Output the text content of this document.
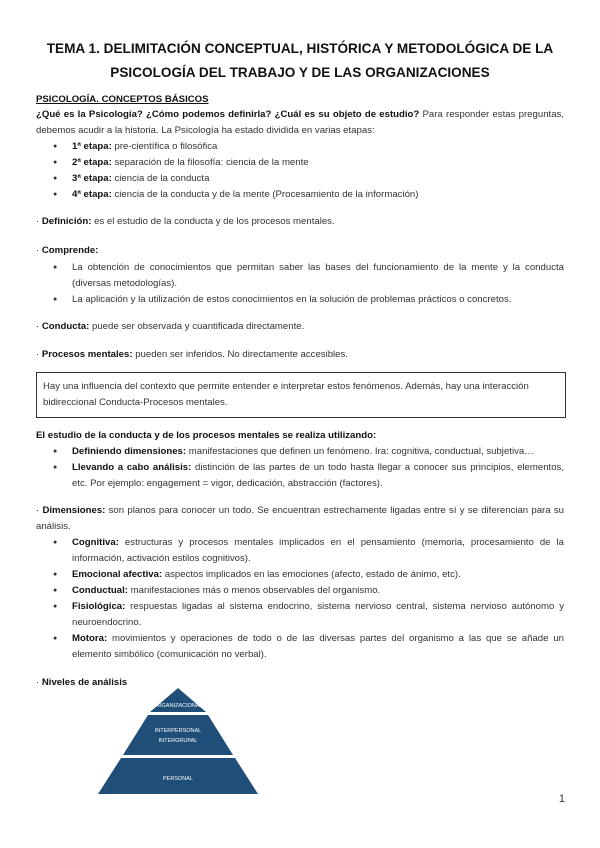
TEMA 1. DELIMITACIÓN CONCEPTUAL, HISTÓRICA Y METODOLÓGICA DE LA
PSICOLOGÍA DEL TRABAJO Y DE LAS ORGANIZACIONES
PSICOLOGÍA. CONCEPTOS BÁSICOS
¿Qué es la Psicología? ¿Cómo podemos definirla? ¿Cuál es su objeto de estudio? Para responder estas preguntas, debemos acudir a la historia. La Psicología ha estado dividida en varias etapas:
● 1ª etapa: pre-científica o filosófica
● 2ª etapa: separación de la filosofía: ciencia de la mente
● 3ª etapa: ciencia de la conducta
● 4ª etapa: ciencia de la conducta y de la mente (Procesamiento de la información)
· Definición: es el estudio de la conducta y de los procesos mentales.
· Comprende:
● La obtención de conocimientos que permitan saber las bases del funcionamiento de la mente y la conducta (diversas metodologías).
● La aplicación y la utilización de estos conocimientos en la solución de problemas prácticos o concretos.
· Conducta: puede ser observada y cuantificada directamente.
· Procesos mentales: pueden ser inferidos. No directamente accesibles.
Hay una influencia del contexto que permite entender e interpretar estos fenómenos. Además, hay una interacción bidireccional Conducta-Procesos mentales.
El estudio de la conducta y de los procesos mentales se realiza utilizando:
● Definiendo dimensiones: manifestaciones que definen un fenómeno. Ira: cognitiva, conductual, subjetiva…
● Llevando a cabo análisis: distinción de las partes de un todo hasta llegar a conocer sus principios, elementos, etc. Por ejemplo: engagement = vigor, dedicación, abstracción (factores).
· Dimensiones: son planos para conocer un todo. Se encuentran estrechamente ligadas entre sí y se diferencian para su análisis.
● Cognitiva: estructuras y procesos mentales implicados en el pensamiento (memoria, procesamiento de la información, activación estilos cognitivos).
● Emocional afectiva: aspectos implicados en las emociones (afecto, estado de ánimo, etc).
● Conductual: manifestaciones más o menos observables del organismo.
● Fisiológica: respuestas ligadas al sistema endocrino, sistema nervioso central, sistema nervioso autónomo y neuroendocrino.
● Motora: movimientos y operaciones de todo o de las diversas partes del organismo a las que se añade un elemento simbólico (comunicación no verbal).
· Niveles de análisis
ORGANIZACIONAL
INTERPERSONAL
INTERGRUPAL
PERSONAL
1
